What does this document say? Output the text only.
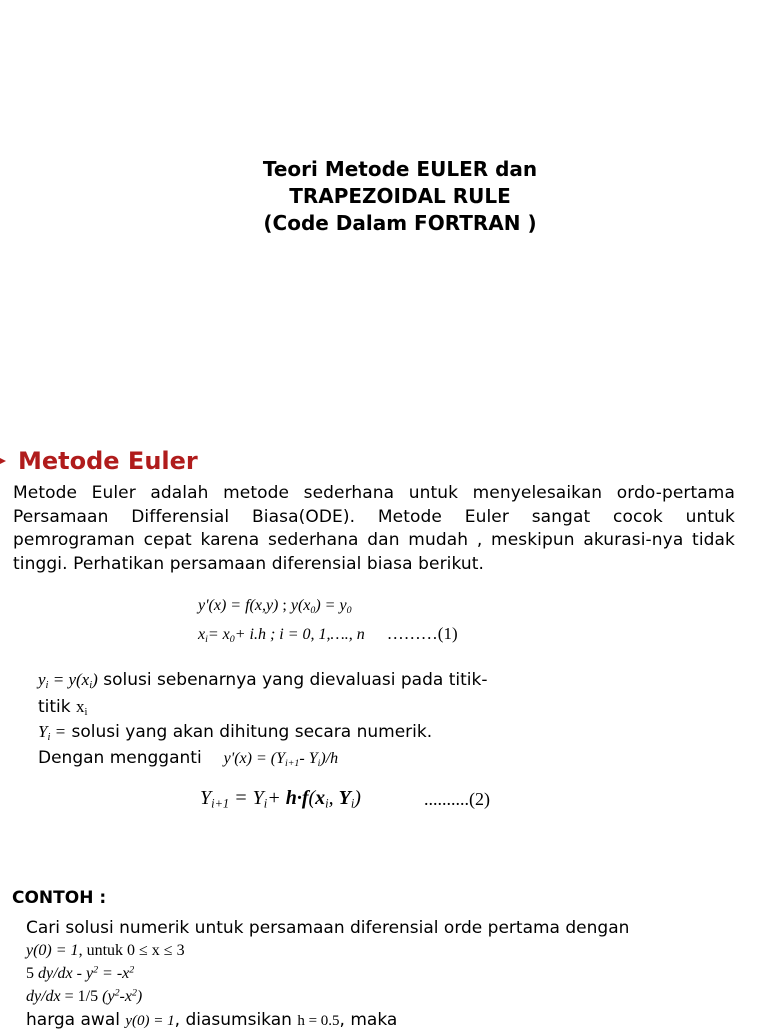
Teori Metode EULER dan
TRAPEZOIDAL RULE
(Code Dalam FORTRAN )
Metode Euler
Metode Euler adalah metode sederhana untuk menyelesaikan ordo-pertama Persamaan Differensial Biasa(ODE). Metode Euler sangat cocok untuk pemrograman cepat karena sederhana dan mudah , meskipun akurasi-nya tidak tinggi. Perhatikan persamaan diferensial biasa berikut.
y'(x) = f(x,y) ; $y(x_0) = y_0$
$x_i= x_0+ i.h$ ; i = 0, 1,…., n ………(1)
$y_i = y(x_i)$ solusi sebenarnya yang dievaluasi pada titik-
titik $x_i$
$Y_i$ = solusi yang akan dihitung secara numerik.
Dengan mengganti $y'(x) = (Y_{i+1}-$ $Y_i)/h$
$Y_{i+1} = Y_i+ h\cdot f(x_i$, $Y_i$)	..........(2)
CONTOH :
Cari solusi numerik untuk persamaan diferensial orde pertama dengan
y(0) = 1, untuk 0 ≤ x ≤ 3
5 $dy/dx - y^2 = -x^2$
dy/dx = 1/5 $(y^2-x^2)$
harga awal y(0) = 1, diasumsikan h = 0.5, maka
